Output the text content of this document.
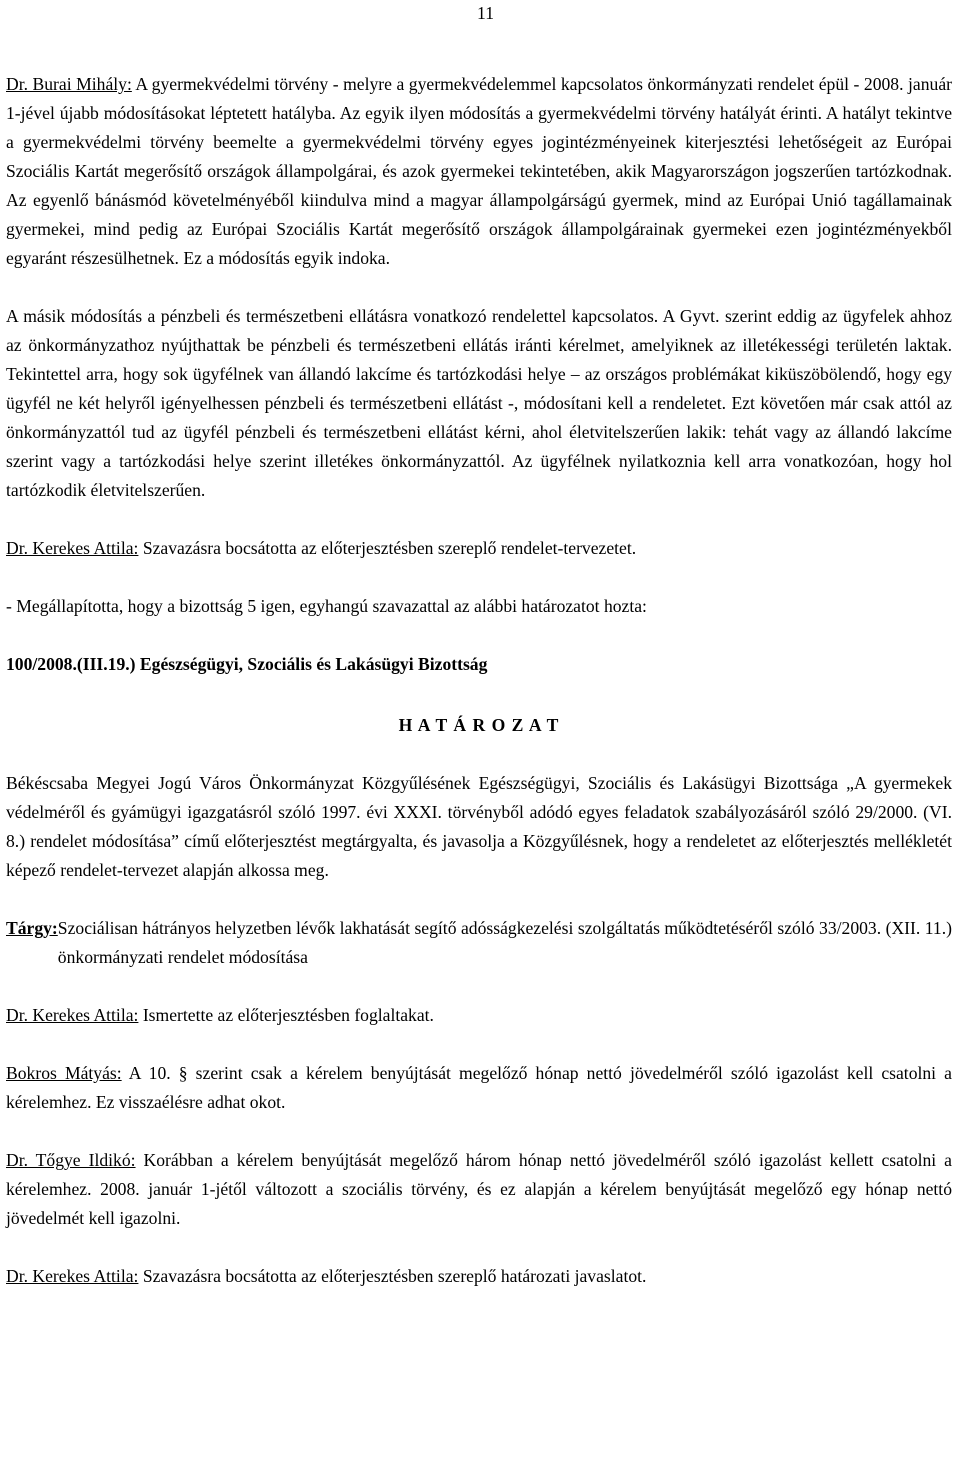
11

Dr. Burai Mihály: A gyermekvédelmi törvény - melyre a gyermekvédelemmel kapcsolatos önkormányzati rendelet épül - 2008. január 1-jével újabb módosításokat léptetett hatályba. Az egyik ilyen módosítás a gyermekvédelmi törvény hatályát érinti. A hatályt tekintve a gyermekvédelmi törvény beemelte a gyermekvédelmi törvény egyes jogintézményeinek kiterjesztési lehetőségeit az Európai Szociális Kartát megerősítő országok állampolgárai, és azok gyermekei tekintetében, akik Magyarországon jogszerűen tartózkodnak. Az egyenlő bánásmód követelményéből kiindulva mind a magyar állampolgárságú gyermek, mind az Európai Unió tagállamainak gyermekei, mind pedig az Európai Szociális Kartát megerősítő országok állampolgárainak gyermekei ezen jogintézményekből egyaránt részesülhetnek. Ez a módosítás egyik indoka.

A másik módosítás a pénzbeli és természetbeni ellátásra vonatkozó rendelettel kapcsolatos. A Gyvt. szerint eddig az ügyfelek ahhoz az önkormányzathoz nyújthattak be pénzbeli és természetbeni ellátás iránti kérelmet, amelyiknek az illetékességi területén laktak. Tekintettel arra, hogy sok ügyfélnek van állandó lakcíme és tartózkodási helye – az országos problémákat kiküszöbölendő, hogy egy ügyfél ne két helyről igényelhessen pénzbeli és természetbeni ellátást -, módosítani kell a rendeletet. Ezt követően már csak attól az önkormányzattól tud az ügyfél pénzbeli és természetbeni ellátást kérni, ahol életvitelszerűen lakik: tehát vagy az állandó lakcíme szerint vagy a tartózkodási helye szerint illetékes önkormányzattól. Az ügyfélnek nyilatkoznia kell arra vonatkozóan, hogy hol tartózkodik életvitelszerűen.

Dr. Kerekes Attila: Szavazásra bocsátotta az előterjesztésben szereplő rendelet-tervezetet.

- Megállapította, hogy a bizottság 5 igen, egyhangú szavazattal az alábbi határozatot hozta:

100/2008.(III.19.) Egészségügyi, Szociális és Lakásügyi Bizottság

H A T Á R O Z A T

Békéscsaba Megyei Jogú Város Önkormányzat Közgyűlésének Egészségügyi, Szociális és Lakásügyi Bizottsága „A gyermekek védelméről és gyámügyi igazgatásról szóló 1997. évi XXXI. törvényből adódó egyes feladatok szabályozásáról szóló 29/2000. (VI. 8.) rendelet módosítása” című előterjesztést megtárgyalta, és javasolja a Közgyűlésnek, hogy a rendeletet az előterjesztés mellékletét képező rendelet-tervezet alapján alkossa meg.

Tárgy: Szociálisan hátrányos helyzetben lévők lakhatását segítő adósságkezelési szolgáltatás működtetéséről szóló 33/2003. (XII. 11.) önkormányzati rendelet módosítása

Dr. Kerekes Attila: Ismertette az előterjesztésben foglaltakat.

Bokros Mátyás: A 10. § szerint csak a kérelem benyújtását megelőző hónap nettó jövedelméről szóló igazolást kell csatolni a kérelemhez. Ez visszaélésre adhat okot.

Dr. Tőgye Ildikó: Korábban a kérelem benyújtását megelőző három hónap nettó jövedelméről szóló igazolást kellett csatolni a kérelemhez. 2008. január 1-jétől változott a szociális törvény, és ez alapján a kérelem benyújtását megelőző egy hónap nettó jövedelmét kell igazolni.

Dr. Kerekes Attila: Szavazásra bocsátotta az előterjesztésben szereplő határozati javaslatot.
